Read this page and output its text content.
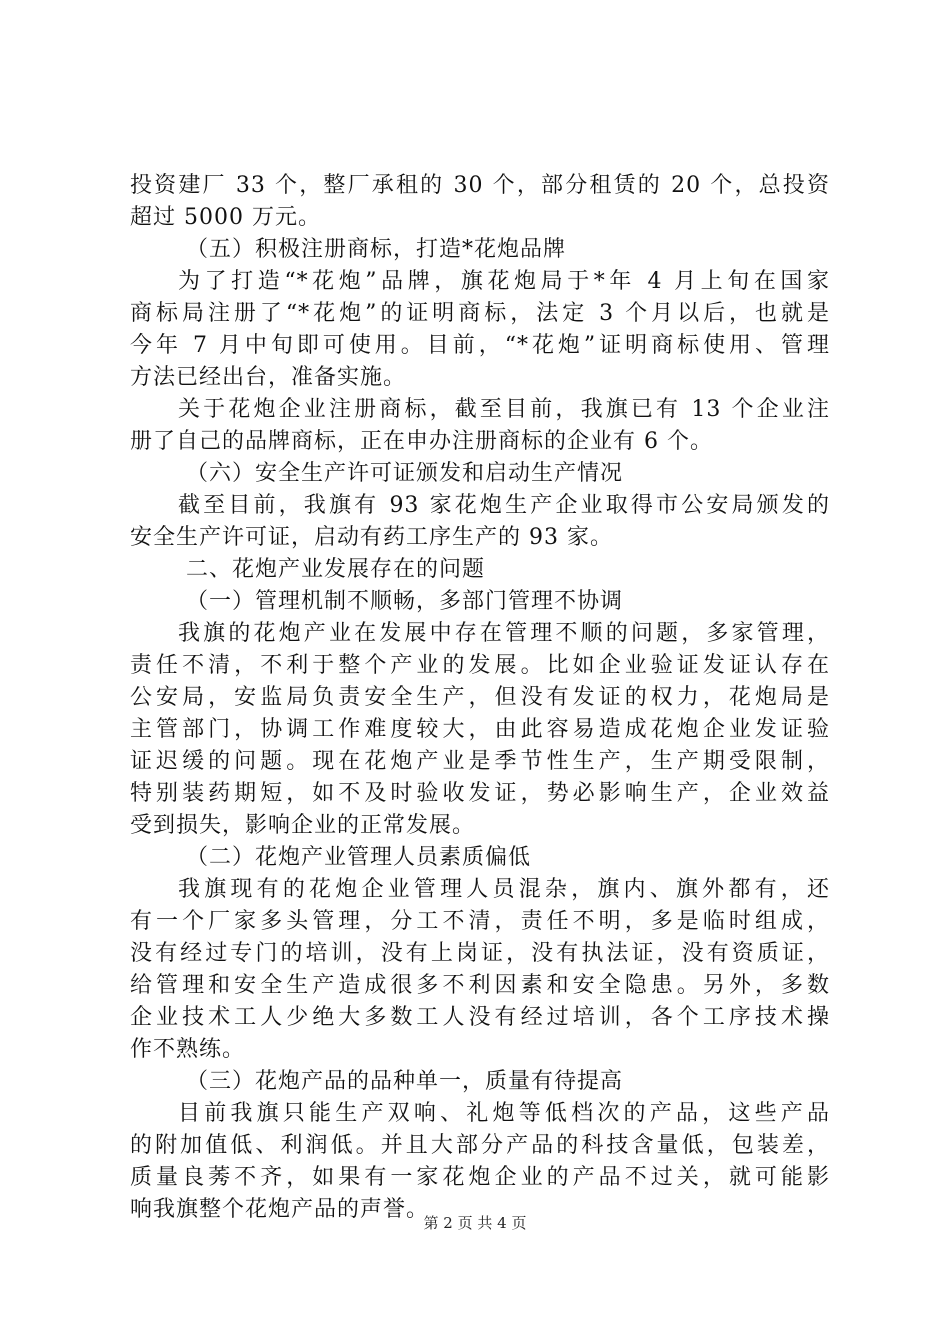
投资建厂 33 个，整厂承租的 30 个，部分租赁的 20 个，总投资
超过 5000 万元。
（五）积极注册商标，打造*花炮品牌
为了打造“*花炮”品牌，旗花炮局于*年 4 月上旬在国家
商标局注册了“*花炮”的证明商标，法定 3 个月以后，也就是
今年 7 月中旬即可使用。目前，“*花炮”证明商标使用、管理
方法已经出台，准备实施。
关于花炮企业注册商标，截至目前，我旗已有 13 个企业注
册了自己的品牌商标，正在申办注册商标的企业有 6 个。
（六）安全生产许可证颁发和启动生产情况
截至目前，我旗有 93 家花炮生产企业取得市公安局颁发的
安全生产许可证，启动有药工序生产的 93 家。
二、花炮产业发展存在的问题
（一）管理机制不顺畅，多部门管理不协调
我旗的花炮产业在发展中存在管理不顺的问题，多家管理，
责任不清，不利于整个产业的发展。比如企业验证发证认存在
公安局，安监局负责安全生产，但没有发证的权力，花炮局是
主管部门，协调工作难度较大，由此容易造成花炮企业发证验
证迟缓的问题。现在花炮产业是季节性生产，生产期受限制，
特别装药期短，如不及时验收发证，势必影响生产，企业效益
受到损失，影响企业的正常发展。
（二）花炮产业管理人员素质偏低
我旗现有的花炮企业管理人员混杂，旗内、旗外都有，还
有一个厂家多头管理，分工不清，责任不明，多是临时组成，
没有经过专门的培训，没有上岗证，没有执法证，没有资质证，
给管理和安全生产造成很多不利因素和安全隐患。另外，多数
企业技术工人少绝大多数工人没有经过培训，各个工序技术操
作不熟练。
（三）花炮产品的品种单一，质量有待提高
目前我旗只能生产双响、礼炮等低档次的产品，这些产品
的附加值低、利润低。并且大部分产品的科技含量低，包装差，
质量良莠不齐，如果有一家花炮企业的产品不过关，就可能影
响我旗整个花炮产品的声誉。
第 2 页 共 4 页
